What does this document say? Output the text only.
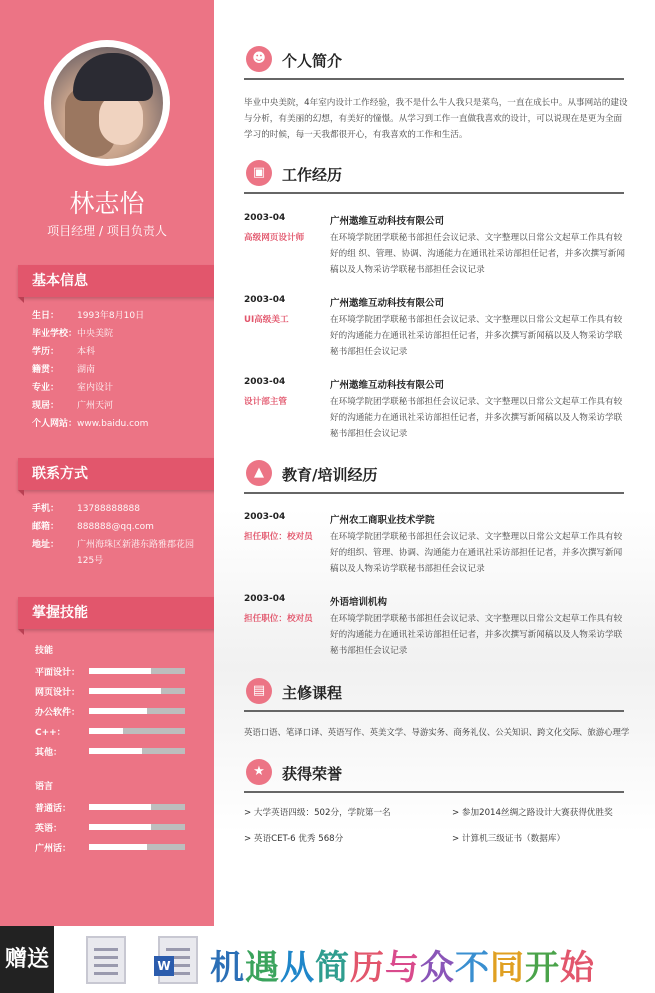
林志怡
项目经理 / 项目负责人
基本信息
生日：	1993年8月10日
毕业学校： 中央美院
学历：	本科
籍贯：	湖南
专业：	室内设计
现居：	广州天河
个人网站： www.baidu.com
联系方式
手机：	13788888888
邮箱：	888888@qq.com
地址：	广州海珠区新港东路雅郡花园125号
掌握技能
技能
平面设计：
网页设计：
办公软件：
C++：
其他：
语言
普通话：
英语：
广州话：
☻	个人简介
毕业中央美院，4年室内设计工作经验，我不是什么牛人我只是菜鸟，一直在成长中。从事网站的建设与分析，有美丽的幻想，有美好的憧憬。从学习到工作一直做我喜欢的设计，可以说现在是更为全面学习的时候，每一天我都很开心，有我喜欢的工作和生活。
▣	工作经历
2003-04	广州遨维互动科技有限公司
高级网页设计师	在环境学院团学联秘书部担任会议记录、文字整理以日常公文起草工作具有较好的组 织、管理、协调、沟通能力在通讯社采访部担任记者，并多次撰写新闻稿以及人物采访学联秘书部担任会议记录
2003-04	广州遨维互动科技有限公司
UI高级美工	在环境学院团学联秘书部担任会议记录、文字整理以日常公文起草工作具有较好的沟通能力在通讯社采访部担任记者，并多次撰写新闻稿以及人物采访学联秘书部担任会议记录
2003-04	广州遨维互动科技有限公司
设计部主管	在环境学院团学联秘书部担任会议记录、文字整理以日常公文起草工作具有较好的沟通能力在通讯社采访部担任记者，并多次撰写新闻稿以及人物采访学联秘书部担任会议记录
▲	教育/培训经历
2003-04	广州农工商职业技术学院
担任职位：校对员 在环境学院团学联秘书部担任会议记录、文字整理以日常公文起草工作具有较好的组织、管理、协调、沟通能力在通讯社采访部担任记者，并多次撰写新闻稿以及人物采访学联秘书部担任会议记录
2003-04	外语培训机构
担任职位：校对员 在环境学院团学联秘书部担任会议记录、文字整理以日常公文起草工作具有较好的沟通能力在通讯社采访部担任记者，并多次撰写新闻稿以及人物采访学联秘书部担任会议记录
▤	主修课程
英语口语、笔译口译、英语写作、英美文学、导游实务、商务礼仪、公关知识、跨文化交际、旅游心理学
★	获得荣誉
> 大学英语四级：502分，学院第一名	> 参加2014丝绸之路设计大赛获得优胜奖
> 英语CET-6 优秀 568分	> 计算机三级证书（数据库）
赠送	W 机遇从简历与众不同开始
